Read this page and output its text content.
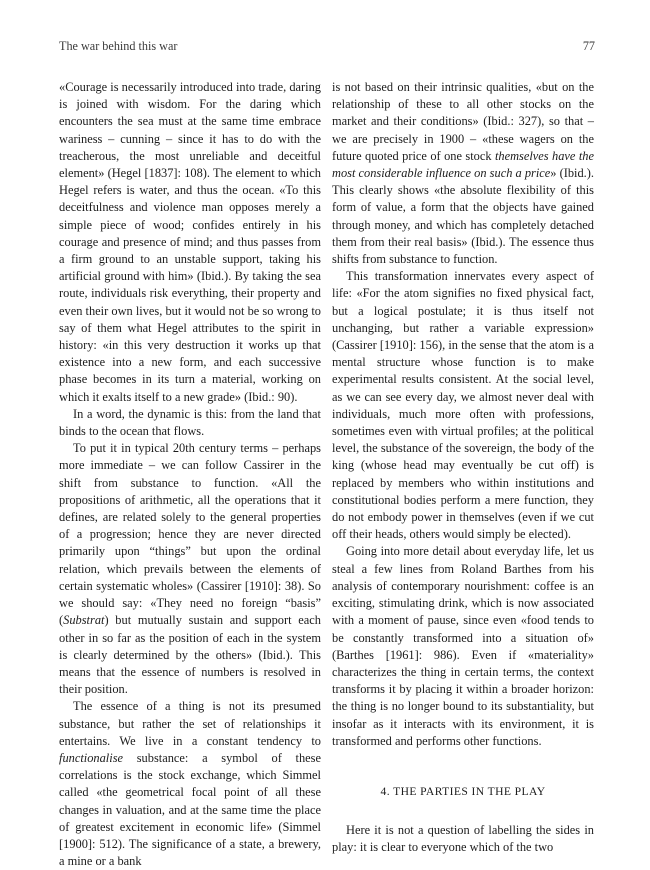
The war behind this war	77

«Courage is necessarily introduced into trade, daring is joined with wisdom. For the daring which encounters the sea must at the same time embrace wariness – cunning – since it has to do with the treacherous, the most unreliable and deceitful element» (Hegel [1837]: 108). The element to which Hegel refers is water, and thus the ocean. «To this deceitfulness and violence man opposes merely a simple piece of wood; confides entirely in his courage and presence of mind; and thus passes from a firm ground to an unstable support, taking his artificial ground with him» (Ibid.). By taking the sea route, individuals risk everything, their property and even their own lives, but it would not be so wrong to say of them what Hegel attributes to the spirit in history: «in this very destruction it works up that existence into a new form, and each successive phase becomes in its turn a material, working on which it exalts itself to a new grade» (Ibid.: 90).

In a word, the dynamic is this: from the land that binds to the ocean that flows.

To put it in typical 20th century terms – perhaps more immediate – we can follow Cassirer in the shift from substance to function. «All the propositions of arithmetic, all the operations that it defines, are related solely to the general properties of a progression; hence they are never directed primarily upon “things” but upon the ordinal relation, which prevails between the elements of certain systematic wholes» (Cassirer [1910]: 38). So we should say: «They need no foreign “basis” (Substrat) but mutually sustain and support each other in so far as the position of each in the system is clearly determined by the others» (Ibid.). This means that the essence of numbers is resolved in their position.

The essence of a thing is not its presumed substance, but rather the set of relationships it entertains. We live in a constant tendency to functionalise substance: a symbol of these correlations is the stock exchange, which Simmel called «the geometrical focal point of all these changes in valuation, and at the same time the place of greatest excitement in economic life» (Simmel [1900]: 512). The significance of a state, a brewery, a mine or a bank

is not based on their intrinsic qualities, «but on the relationship of these to all other stocks on the market and their conditions» (Ibid.: 327), so that – we are precisely in 1900 – «these wagers on the future quoted price of one stock themselves have the most considerable influence on such a price» (Ibid.). This clearly shows «the absolute flexibility of this form of value, a form that the objects have gained through money, and which has completely detached them from their real basis» (Ibid.). The essence thus shifts from substance to function.

This transformation innervates every aspect of life: «For the atom signifies no fixed physical fact, but a logical postulate; it is thus itself not unchanging, but rather a variable expression» (Cassirer [1910]: 156), in the sense that the atom is a mental structure whose function is to make experimental results consistent. At the social level, as we can see every day, we almost never deal with individuals, much more often with professions, sometimes even with virtual profiles; at the political level, the substance of the sovereign, the body of the king (whose head may eventually be cut off) is replaced by members who within institutions and constitutional bodies perform a mere function, they do not embody power in themselves (even if we cut off their heads, others would simply be elected).

Going into more detail about everyday life, let us steal a few lines from Roland Barthes from his analysis of contemporary nourishment: coffee is an exciting, stimulating drink, which is now associated with a moment of pause, since even «food tends to be constantly transformed into a situation of» (Barthes [1961]: 986). Even if «materiality» characterizes the thing in certain terms, the context transforms it by placing it within a broader horizon: the thing is no longer bound to its substantiality, but insofar as it interacts with its environment, it is transformed and performs other functions.

4. THE PARTIES IN THE PLAY

Here it is not a question of labelling the sides in play: it is clear to everyone which of the two
